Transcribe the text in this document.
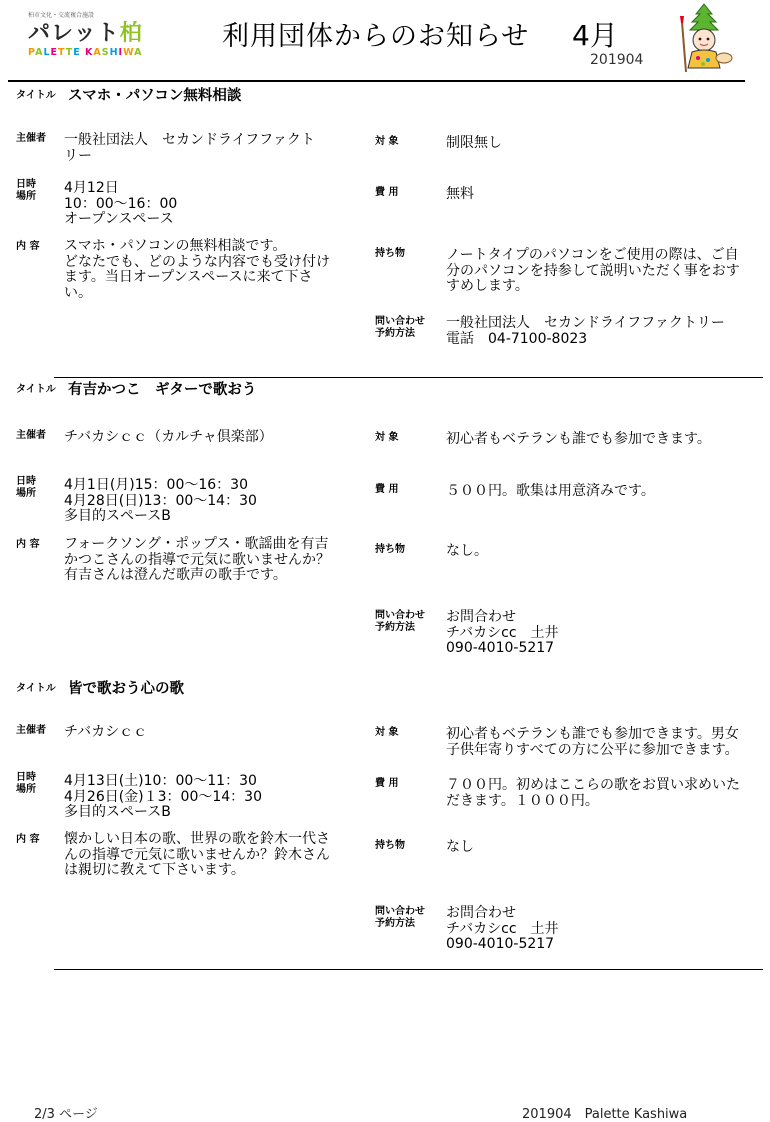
柏市文化・交流複合施設
パレット柏
PALETTE KASHIWA
利用団体からのお知らせ 4月
201904
タイトル スマホ・パソコン無料相談
主催者 一般社団法人　セカンドライフファクト
リー
日時
場所
4月12日
10：00～16：00
オープンスペース
内 容 スマホ・パソコンの無料相談です。
どなたでも、どのような内容でも受け付け
ます。当日オープンスペースに来て下さ
い。
対 象	制限無し
費 用	無料
持ち物	ノートタイプのパソコンをご使用の際は、ご自
分のパソコンを持参して説明いただく事をおす
すめします。
問い合わせ
予約方法
一般社団法人　セカンドライフファクトリー
電話　04-7100-8023
タイトル 有吉かつこ　ギターで歌おう
主催者 チバカシｃｃ（カルチャ倶楽部）
日時
場所
4月1日(月)15：00～16：30
4月28日(日)13：00～14：30
多目的スペースB
内 容 フォークソング・ポップス・歌謡曲を有吉
かつこさんの指導で元気に歌いませんか？
有吉さんは澄んだ歌声の歌手です。
対 象	初心者もベテランも誰でも参加できます。
費 用	５００円。歌集は用意済みです。
持ち物	なし。
問い合わせ
予約方法
お問合わせ
チバカシcc　土井
090-4010-5217
タイトル 皆で歌おう心の歌
主催者 チバカシｃｃ
日時
場所
4月13日(土)10：00～11：30
4月26日(金)１3：00～14：30
多目的スペースB
内 容 懐かしい日本の歌、世界の歌を鈴木一代さ
んの指導で元気に歌いませんか？鈴木さん
は親切に教えて下さいます。
対 象	初心者もベテランも誰でも参加できます。男女
子供年寄りすべての方に公平に参加できます。
費 用	７００円。初めはここらの歌をお買い求めいた
だきます。１０００円。
持ち物	なし
問い合わせ
予約方法
お問合わせ
チバカシcc　土井
090-4010-5217
2/3 ページ	201904　Palette Kashiwa
